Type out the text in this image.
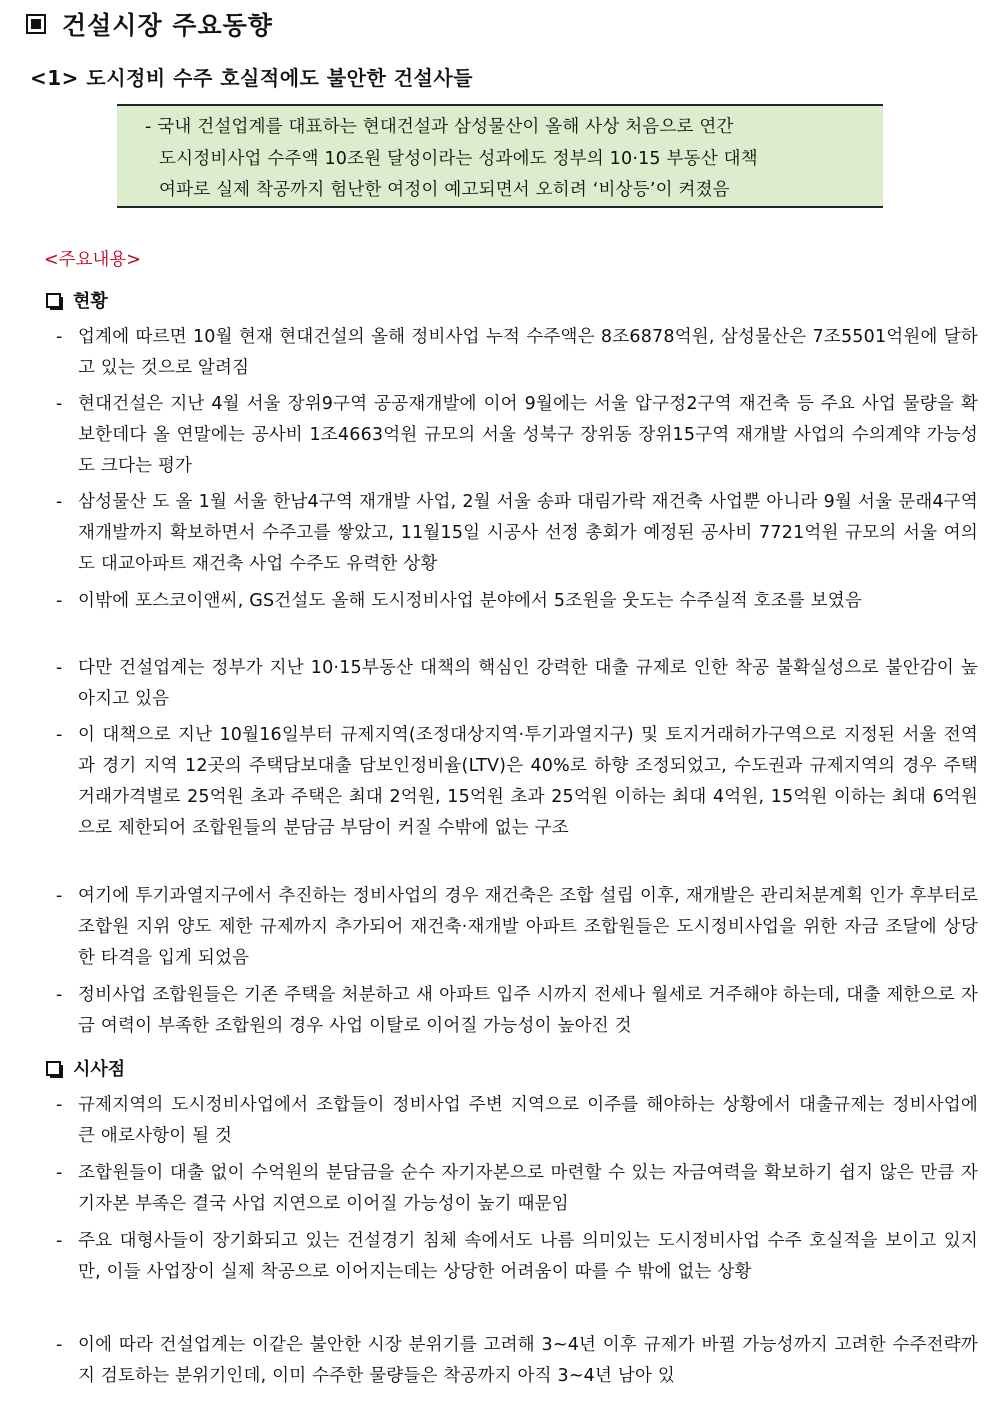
건설시장 주요동향
<1> 도시정비 수주 호실적에도 불안한 건설사들
- 국내 건설업계를 대표하는 현대건설과 삼성물산이 올해 사상 처음으로 연간
도시정비사업 수주액 10조원 달성이라는 성과에도 정부의 10·15 부동산 대책
여파로 실제 착공까지 험난한 여정이 예고되면서 오히려 ‘비상등’이 켜졌음
<주요내용>
현황
- 업계에 따르면 10월 현재 현대건설의 올해 정비사업 누적 수주액은 8조6878억원, 삼성물산은 7조5501억원에 달하고 있는 것으로 알려짐
- 현대건설은 지난 4월 서울 장위9구역 공공재개발에 이어 9월에는 서울 압구정2구역 재건축 등 주요 사업 물량을 확보한데다 올 연말에는 공사비 1조4663억원 규모의 서울 성북구 장위동 장위15구역 재개발 사업의 수의계약 가능성도 크다는 평가
- 삼성물산 도 올 1월 서울 한남4구역 재개발 사업, 2월 서울 송파 대림가락 재건축 사업뿐 아니라 9월 서울 문래4구역 재개발까지 확보하면서 수주고를 쌓았고, 11월15일 시공사 선정 총회가 예정된 공사비 7721억원 규모의 서울 여의도 대교아파트 재건축 사업 수주도 유력한 상황
- 이밖에 포스코이앤씨, GS건설도 올해 도시정비사업 분야에서 5조원을 웃도는 수주실적 호조를 보였음
- 다만 건설업계는 정부가 지난 10·15부동산 대책의 핵심인 강력한 대출 규제로 인한 착공 불확실성으로 불안감이 높아지고 있음
- 이 대책으로 지난 10월16일부터 규제지역(조정대상지역·투기과열지구) 및 토지거래허가구역으로 지정된 서울 전역과 경기 지역 12곳의 주택담보대출 담보인정비율(LTV)은 40%로 하향 조정되었고, 수도권과 규제지역의 경우 주택 거래가격별로 25억원 초과 주택은 최대 2억원, 15억원 초과 25억원 이하는 최대 4억원, 15억원 이하는 최대 6억원으로 제한되어 조합원들의 분담금 부담이 커질 수밖에 없는 구조
- 여기에 투기과열지구에서 추진하는 정비사업의 경우 재건축은 조합 설립 이후, 재개발은 관리처분계획 인가 후부터로 조합원 지위 양도 제한 규제까지 추가되어 재건축·재개발 아파트 조합원들은 도시정비사업을 위한 자금 조달에 상당한 타격을 입게 되었음
- 정비사업 조합원들은 기존 주택을 처분하고 새 아파트 입주 시까지 전세나 월세로 거주해야 하는데, 대출 제한으로 자금 여력이 부족한 조합원의 경우 사업 이탈로 이어질 가능성이 높아진 것
시사점
- 규제지역의 도시정비사업에서 조합들이 정비사업 주변 지역으로 이주를 해야하는 상황에서 대출규제는 정비사업에 큰 애로사항이 될 것
- 조합원들이 대출 없이 수억원의 분담금을 순수 자기자본으로 마련할 수 있는 자금여력을 확보하기 쉽지 않은 만큼 자기자본 부족은 결국 사업 지연으로 이어질 가능성이 높기 때문임
- 주요 대형사들이 장기화되고 있는 건설경기 침체 속에서도 나름 의미있는 도시정비사업 수주 호실적을 보이고 있지만, 이들 사업장이 실제 착공으로 이어지는데는 상당한 어려움이 따를 수 밖에 없는 상황
- 이에 따라 건설업계는 이같은 불안한 시장 분위기를 고려해 3~4년 이후 규제가 바뀔 가능성까지 고려한 수주전략까지 검토하는 분위기인데, 이미 수주한 물량들은 착공까지 아직 3~4년 남아 있
